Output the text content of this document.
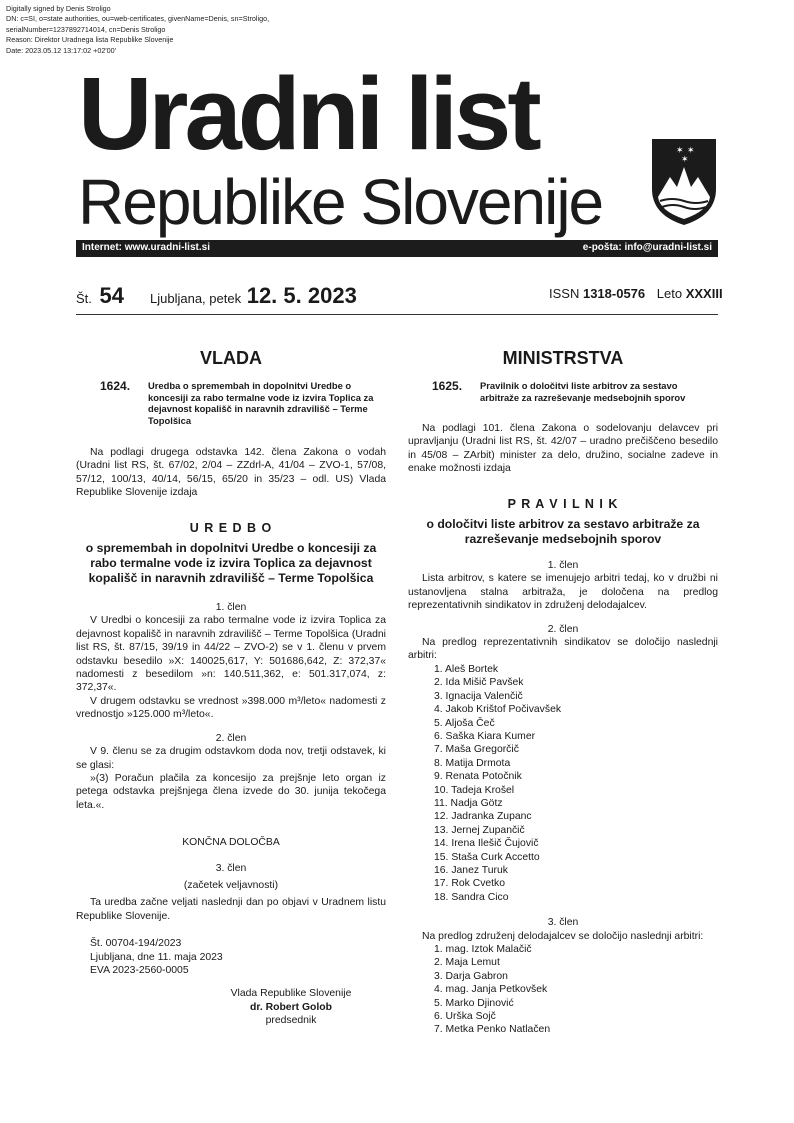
Digitally signed by Denis Stroligo
DN: c=SI, o=state authorities, ou=web-certificates, givenName=Denis, sn=Stroligo,
serialNumber=1237892714014, cn=Denis Stroligo
Reason: Direktor Uradnega lista Republike Slovenije
Date: 2023.05.12 13:17:02 +02'00'
Uradni list
Republike Slovenije
✶ ✶
✶
Internet: www.uradni-list.si	e-pošta: info@uradni-list.si
Št. 54 Ljubljana, petek 12. 5. 2023	ISSN 1318-0576 Leto XXXIII
VLADA
1624.	Uredba o spremembah in dopolnitvi Uredbe o koncesiji za rabo termalne vode iz izvira Toplica za dejavnost kopališč in naravnih zdravilišč – Terme Topolšica

Na podlagi drugega odstavka 142. člena Zakona o vodah (Uradni list RS, št. 67/02, 2/04 – ZZdrl-A, 41/04 – ZVO-1, 57/08, 57/12, 100/13, 40/14, 56/15, 65/20 in 35/23 – odl. US) Vlada Republike Slovenije izdaja

U R E D B O

o spremembah in dopolnitvi Uredbe o koncesiji za rabo termalne vode iz izvira Toplica za dejavnost kopališč in naravnih zdravilišč – Terme Topolšica

1. člen

V Uredbi o koncesiji za rabo termalne vode iz izvira Toplica za dejavnost kopališč in naravnih zdravilišč – Terme Topolšica (Uradni list RS, št. 87/15, 39/19 in 44/22 – ZVO-2) se v 1. členu v prvem odstavku besedilo »X: 140025,617, Y: 501686,642, Z: 372,37« nadomesti z besedilom »n: 140.511,362, e: 501.317,074, z: 372,37«.

V drugem odstavku se vrednost »398.000 m³/leto« nadomesti z vrednostjo »125.000 m³/leto«.

2. člen

V 9. členu se za drugim odstavkom doda nov, tretji odstavek, ki se glasi:

»(3) Poračun plačila za koncesijo za prejšnje leto organ iz petega odstavka prejšnjega člena izvede do 30. junija tekočega leta.«.

KONČNA DOLOČBA

3. člen

(začetek veljavnosti)

Ta uredba začne veljati naslednji dan po objavi v Uradnem listu Republike Slovenije.

Št. 00704-194/2023

Ljubljana, dne 11. maja 2023

EVA 2023-2560-0005

Vlada Republike Slovenije

dr. Robert Golob

predsednik

MINISTRSTVA
1625.	Pravilnik o določitvi liste arbitrov za sestavo arbitraže za razreševanje medsebojnih sporov

Na podlagi 101. člena Zakona o sodelovanju delavcev pri upravljanju (Uradni list RS, št. 42/07 – uradno prečiščeno besedilo in 45/08 – ZArbit) minister za delo, družino, socialne zadeve in enake možnosti izdaja

P R A V I L N I K

o določitvi liste arbitrov za sestavo arbitraže za razreševanje medsebojnih sporov

1. člen

Lista arbitrov, s katere se imenujejo arbitri tedaj, ko v družbi ni ustanovljena stalna arbitraža, je določena na predlog reprezentativnih sindikatov in združenj delodajalcev.

2. člen

Na predlog reprezentativnih sindikatov se določijo naslednji arbitri:

1. Aleš Bortek
2. Ida Mišič Pavšek
3. Ignacija Valenčič
4. Jakob Krištof Počivavšek
5. Aljoša Čeč
6. Saška Kiara Kumer
7. Maša Gregorčič
8. Matija Drmota
9. Renata Potočnik
10. Tadeja Krošel
11. Nadja Götz
12. Jadranka Zupanc
13. Jernej Zupančič
14. Irena Ilešič Čujovič
15. Staša Curk Accetto
16. Janez Turuk
17. Rok Cvetko
18. Sandra Cico

3. člen

Na predlog združenj delodajalcev se določijo naslednji arbitri:

1. mag. Iztok Malačič
2. Maja Lemut
3. Darja Gabron
4. mag. Janja Petkovšek
5. Marko Djinović
6. Urška Sojč
7. Metka Penko Natlačen
